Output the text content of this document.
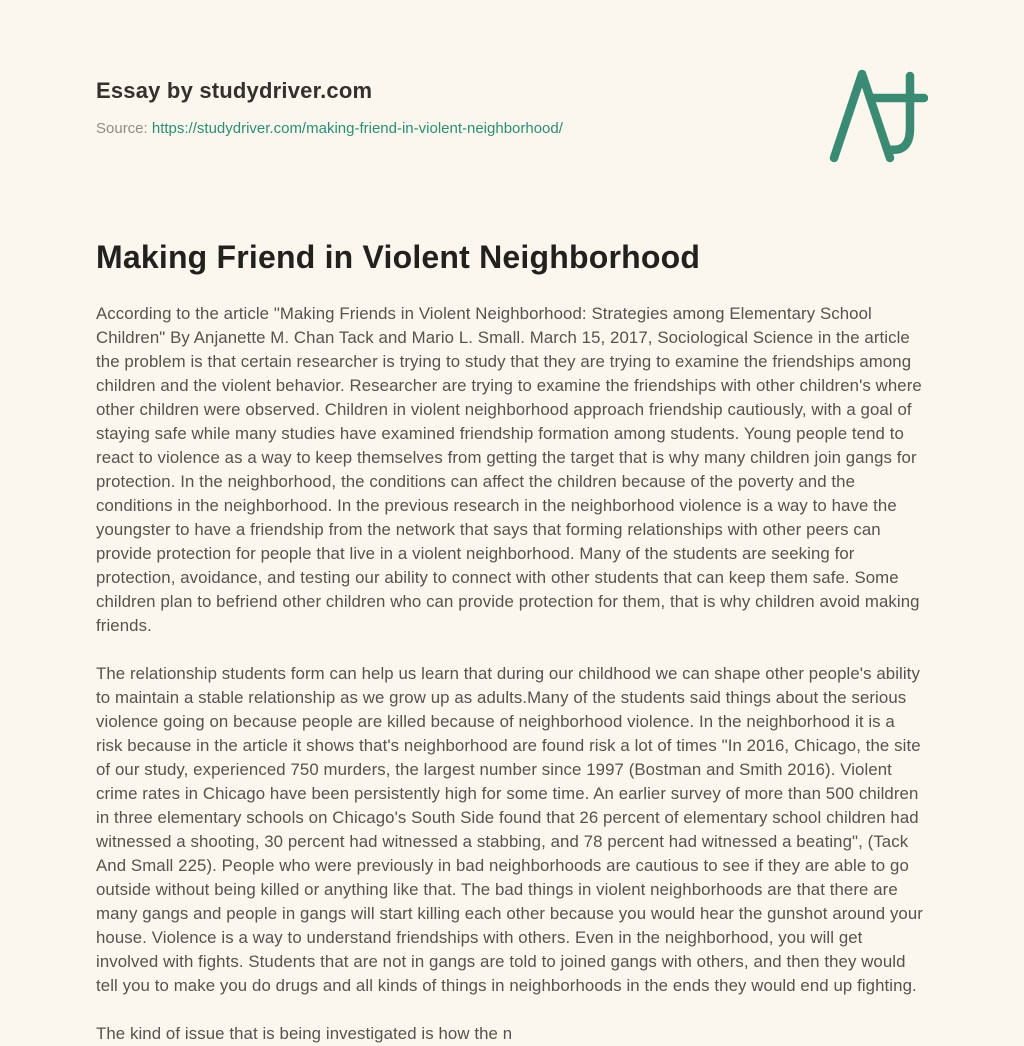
Essay by studydriver.com
Source: https://studydriver.com/making-friend-in-violent-neighborhood/
Making Friend in Violent Neighborhood

According to the article "Making Friends in Violent Neighborhood: Strategies among Elementary School Children" By Anjanette M. Chan Tack and Mario L. Small. March 15, 2017, Sociological Science in the article the problem is that certain researcher is trying to study that they are trying to examine the friendships among children and the violent behavior. Researcher are trying to examine the friendships with other children's where other children were observed. Children in violent neighborhood approach friendship cautiously, with a goal of staying safe while many studies have examined friendship formation among students. Young people tend to react to violence as a way to keep themselves from getting the target that is why many children join gangs for protection. In the neighborhood, the conditions can affect the children because of the poverty and the conditions in the neighborhood. In the previous research in the neighborhood violence is a way to have the youngster to have a friendship from the network that says that forming relationships with other peers can provide protection for people that live in a violent neighborhood. Many of the students are seeking for protection, avoidance, and testing our ability to connect with other students that can keep them safe. Some children plan to befriend other children who can provide protection for them, that is why children avoid making friends.

The relationship students form can help us learn that during our childhood we can shape other people's ability to maintain a stable relationship as we grow up as adults.Many of the students said things about the serious violence going on because people are killed because of neighborhood violence. In the neighborhood it is a risk because in the article it shows that's neighborhood are found risk a lot of times "In 2016, Chicago, the site of our study, experienced 750 murders, the largest number since 1997 (Bostman and Smith 2016). Violent crime rates in Chicago have been persistently high for some time. An earlier survey of more than 500 children in three elementary schools on Chicago's South Side found that 26 percent of elementary school children had witnessed a shooting, 30 percent had witnessed a stabbing, and 78 percent had witnessed a beating", (Tack And Small 225). People who were previously in bad neighborhoods are cautious to see if they are able to go outside without being killed or anything like that. The bad things in violent neighborhoods are that there are many gangs and people in gangs will start killing each other because you would hear the gunshot around your house. Violence is a way to understand friendships with others. Even in the neighborhood, you will get involved with fights. Students that are not in gangs are told to joined gangs with others, and then they would tell you to make you do drugs and all kinds of things in neighborhoods in the ends they would end up fighting.

The kind of issue that is being investigated is how the n
